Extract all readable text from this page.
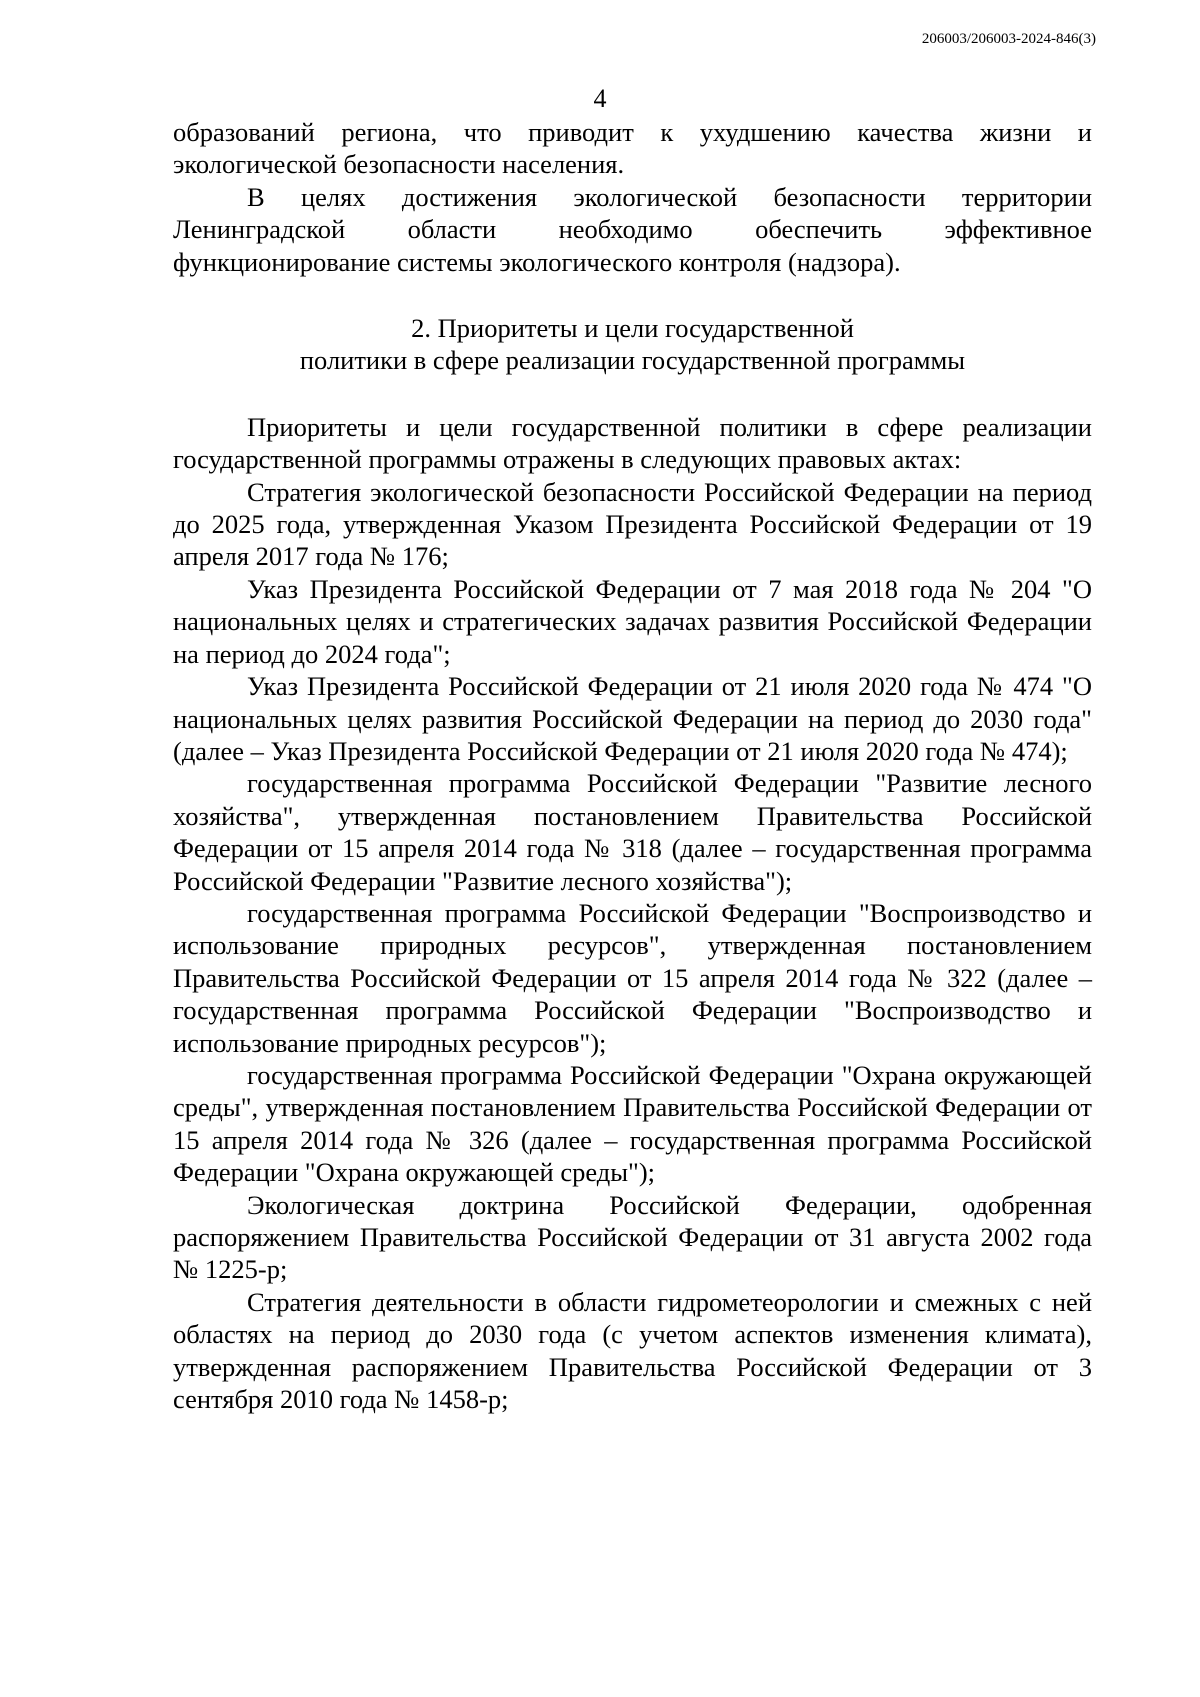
206003/206003-2024-846(3)
4

образований региона, что приводит к ухудшению качества жизни и экологической безопасности населения.

В целях достижения экологической безопасности территории Ленинградской области необходимо обеспечить эффективное функционирование системы экологического контроля (надзора).

2. Приоритеты и цели государственной
политики в сфере реализации государственной программы

Приоритеты и цели государственной политики в сфере реализации государственной программы отражены в следующих правовых актах:

Стратегия экологической безопасности Российской Федерации на период до 2025 года, утвержденная Указом Президента Российской Федерации от 19 апреля 2017 года № 176;

Указ Президента Российской Федерации от 7 мая 2018 года № 204 "О национальных целях и стратегических задачах развития Российской Федерации на период до 2024 года";

Указ Президента Российской Федерации от 21 июля 2020 года № 474 "О национальных целях развития Российской Федерации на период до 2030 года" (далее – Указ Президента Российской Федерации от 21 июля 2020 года № 474);

государственная программа Российской Федерации "Развитие лесного хозяйства", утвержденная постановлением Правительства Российской Федерации от 15 апреля 2014 года № 318 (далее – государственная программа Российской Федерации "Развитие лесного хозяйства");

государственная программа Российской Федерации "Воспроизводство и использование природных ресурсов", утвержденная постановлением Правительства Российской Федерации от 15 апреля 2014 года № 322 (далее – государственная программа Российской Федерации "Воспроизводство и использование природных ресурсов");

государственная программа Российской Федерации "Охрана окружающей среды", утвержденная постановлением Правительства Российской Федерации от 15 апреля 2014 года № 326 (далее – государственная программа Российской Федерации "Охрана окружающей среды");

Экологическая доктрина Российской Федерации, одобренная распоряжением Правительства Российской Федерации от 31 августа 2002 года № 1225-р;

Стратегия деятельности в области гидрометеорологии и смежных с ней областях на период до 2030 года (с учетом аспектов изменения климата), утвержденная распоряжением Правительства Российской Федерации от 3 сентября 2010 года № 1458-р;
